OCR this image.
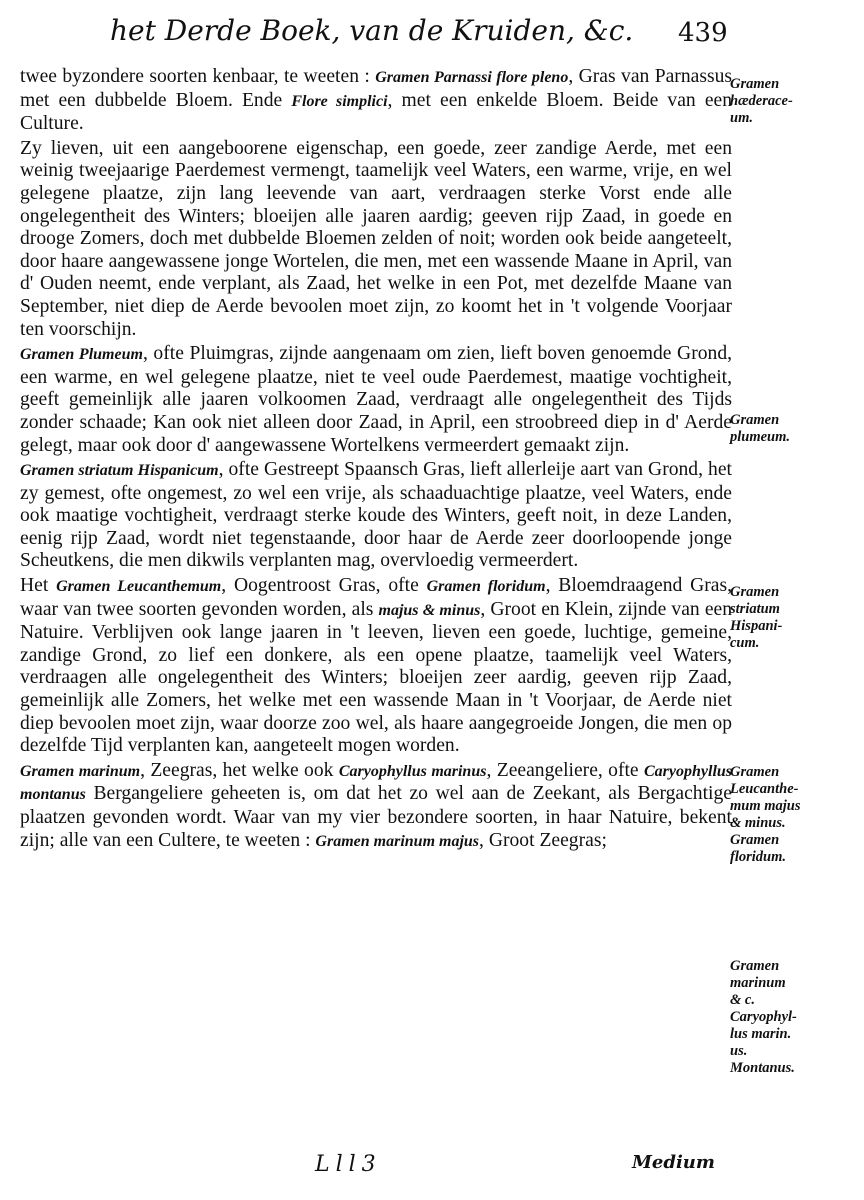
het Derde Boek, van de Kruiden, &c. 439

twee byzondere soorten kenbaar, te weeten : Gramen Parnassi flore pleno, Gras van Parnassus met een dubbelde Bloem. Ende Flore simplici, met een enkelde Bloem. Beide van een Culture.

Zy lieven, uit een aangeboorene eigenschap, een goede, zeer zandige Aerde, met een weinig tweejaarige Paerdemest vermengt, taamelijk veel Waters, een warme, vrije, en wel gelegene plaatze, zijn lang leevende van aart, verdraagen sterke Vorst ende alle ongelegentheit des Winters; bloeijen alle jaaren aardig; geeven rijp Zaad, in goede en drooge Zomers, doch met dubbelde Bloemen zelden of noit; worden ook beide aangeteelt, door haare aangewassene jonge Wortelen, die men, met een wassende Maane in April, van d' Ouden neemt, ende verplant, als Zaad, het welke in een Pot, met dezelfde Maane van September, niet diep de Aerde bevoolen moet zijn, zo koomt het in 't volgende Voorjaar ten voorschijn.

Gramen Plumeum, ofte Pluimgras, zijnde aangenaam om zien, lieft boven genoemde Grond, een warme, en wel gelegene plaatze, niet te veel oude Paerdemest, maatige vochtigheit, geeft gemeinlijk alle jaaren volkoomen Zaad, verdraagt alle ongelegentheit des Tijds zonder schaade; Kan ook niet alleen door Zaad, in April, een stroobreed diep in d' Aerde gelegt, maar ook door d' aangewassene Wortelkens vermeerdert gemaakt zijn.

Gramen striatum Hispanicum, ofte Gestreept Spaansch Gras, lieft allerleije aart van Grond, het zy gemest, ofte ongemest, zo wel een vrije, als schaaduachtige plaatze, veel Waters, ende ook maatige vochtigheit, verdraagt sterke koude des Winters, geeft noit, in deze Landen, eenig rijp Zaad, wordt niet tegenstaande, door haar de Aerde zeer doorloopende jonge Scheutkens, die men dikwils verplanten mag, overvloedig vermeerdert.

Het Gramen Leucanthemum, Oogentroost Gras, ofte Gramen floridum, Bloemdraagend Gras, waar van twee soorten gevonden worden, als majus & minus, Groot en Klein, zijnde van een Natuire. Verblijven ook lange jaaren in 't leeven, lieven een goede, luchtige, gemeine, zandige Grond, zo lief een donkere, als een opene plaatze, taamelijk veel Waters, verdraagen alle ongelegentheit des Winters; bloeijen zeer aardig, geeven rijp Zaad, gemeinlijk alle Zomers, het welke met een wassende Maan in 't Voorjaar, de Aerde niet diep bevoolen moet zijn, waar doorze zoo wel, als haare aangegroeide Jongen, die men op dezelfde Tijd verplanten kan, aangeteelt mogen worden.

Gramen marinum, Zeegras, het welke ook Caryophyllus marinus, Zeeangeliere, ofte Caryophyllus montanus Bergangeliere geheeten is, om dat het zo wel aan de Zeekant, als Bergachtige plaatzen gevonden wordt. Waar van my vier bezondere soorten, in haar Natuire, bekent zijn; alle van een Cultere, te weeten : Gramen marinum majus, Groot Zeegras;

Gramen
hæderace-
um.
Gramen
plumeum.
Gramen
striatum
Hispani-
cum.
Gramen
Leucanthe-
mum majus
& minus.
Gramen
floridum.
Gramen
marinum
& c.
Caryophyl-
lus marin.
us.
Montanus.
Lll3	Medium
